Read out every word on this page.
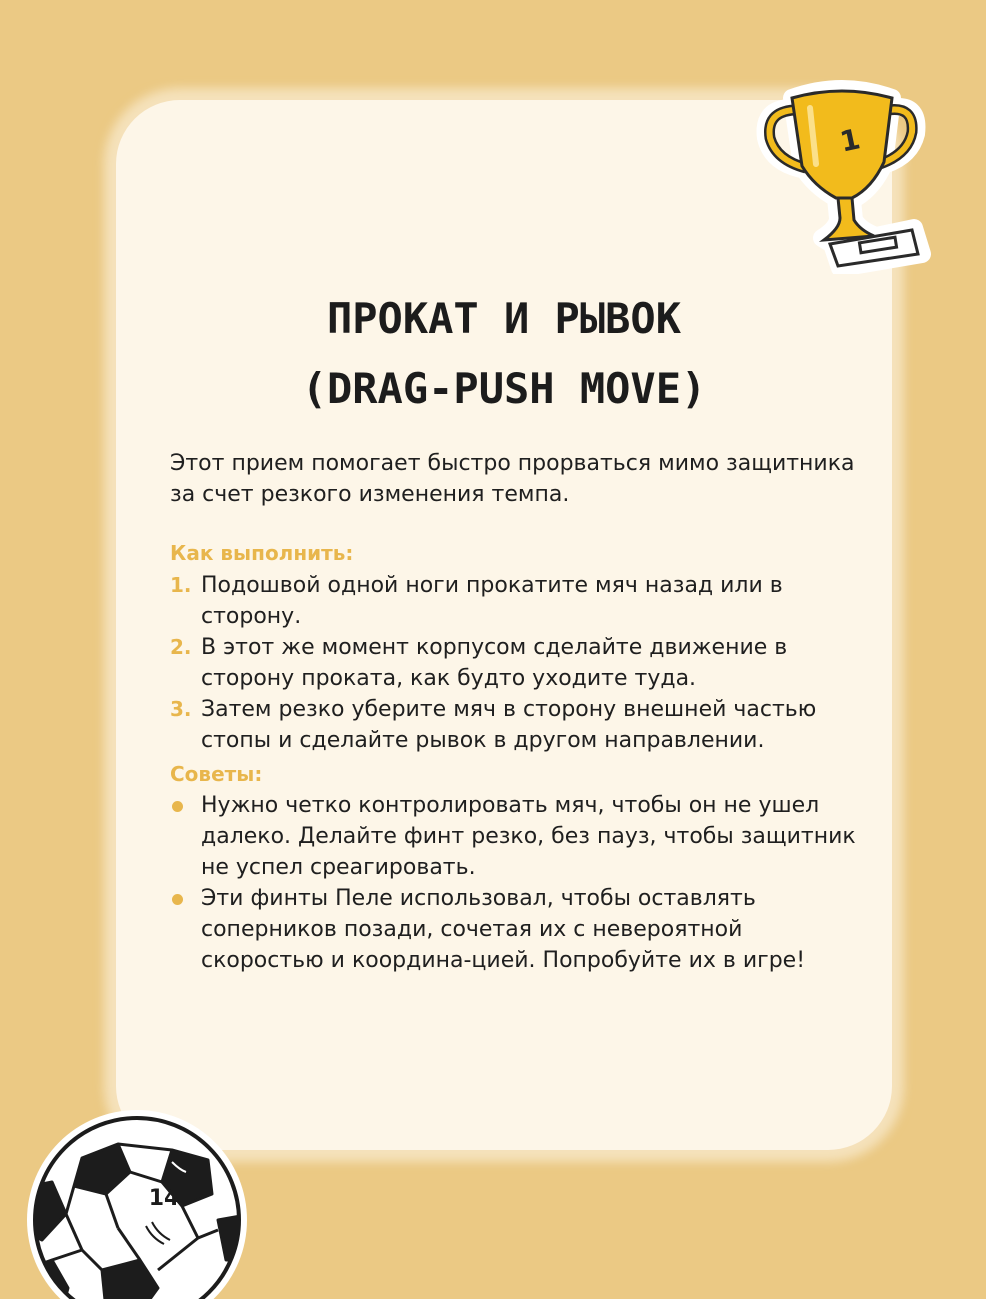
1
ПРОКАТ И РЫВОК
(DRAG-PUSH MOVE)

Этот прием помогает быстро прорваться мимо защитника за счет резкого изменения темпа.

Как выполнить:
1. Подошвой одной ноги прокатите мяч назад или в сторону.
2. В этот же момент корпусом сделайте движение в сторону проката, как будто уходите туда.
3. Затем резко уберите мяч в сторону внешней частью стопы и сделайте рывок в другом направлении.
Советы:
Нужно четко контролировать мяч, чтобы он не ушел далеко. Делайте финт резко, без пауз, чтобы защитник не успел среагировать.
Эти финты Пеле использовал, чтобы оставлять соперников позади, сочетая их с невероятной скоростью и координа-цией. Попробуйте их в игре!

14
